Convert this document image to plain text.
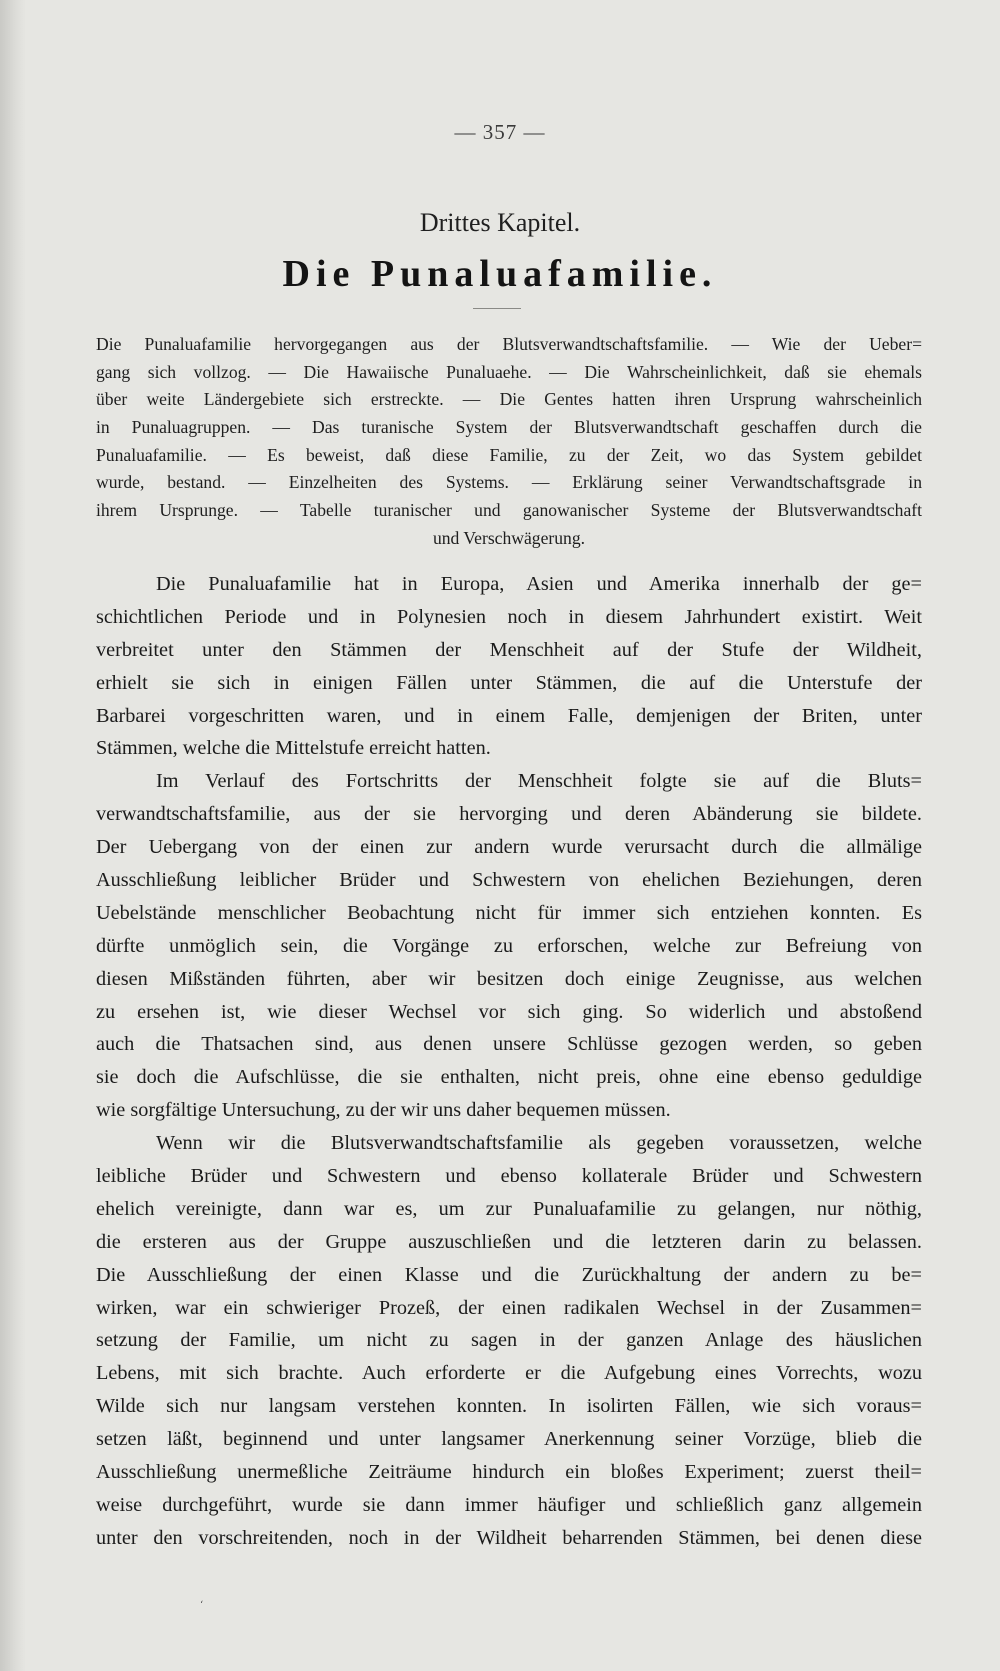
— 357 —
Drittes Kapitel.
Die Punaluafamilie.
Die Punaluafamilie hervorgegangen aus der Blutsverwandtschaftsfamilie. — Wie der Ueber=
gang sich vollzog. — Die Hawaiische Punaluaehe. — Die Wahrscheinlichkeit, daß sie ehemals
über weite Ländergebiete sich erstreckte. — Die Gentes hatten ihren Ursprung wahrscheinlich
in Punaluagruppen. — Das turanische System der Blutsverwandtschaft geschaffen durch die
Punaluafamilie. — Es beweist, daß diese Familie, zu der Zeit, wo das System gebildet
wurde, bestand. — Einzelheiten des Systems. — Erklärung seiner Verwandtschaftsgrade in
ihrem Ursprunge. — Tabelle turanischer und ganowanischer Systeme der Blutsverwandtschaft
und Verschwägerung.
Die Punaluafamilie hat in Europa, Asien und Amerika innerhalb der ge=
schichtlichen Periode und in Polynesien noch in diesem Jahrhundert existirt. Weit
verbreitet unter den Stämmen der Menschheit auf der Stufe der Wildheit,
erhielt sie sich in einigen Fällen unter Stämmen, die auf die Unterstufe der
Barbarei vorgeschritten waren, und in einem Falle, demjenigen der Briten, unter
Stämmen, welche die Mittelstufe erreicht hatten.
Im Verlauf des Fortschritts der Menschheit folgte sie auf die Bluts=
verwandtschaftsfamilie, aus der sie hervorging und deren Abänderung sie bildete.
Der Uebergang von der einen zur andern wurde verursacht durch die allmälige
Ausschließung leiblicher Brüder und Schwestern von ehelichen Beziehungen, deren
Uebelstände menschlicher Beobachtung nicht für immer sich entziehen konnten. Es
dürfte unmöglich sein, die Vorgänge zu erforschen, welche zur Befreiung von
diesen Mißständen führten, aber wir besitzen doch einige Zeugnisse, aus welchen
zu ersehen ist, wie dieser Wechsel vor sich ging. So widerlich und abstoßend
auch die Thatsachen sind, aus denen unsere Schlüsse gezogen werden, so geben
sie doch die Aufschlüsse, die sie enthalten, nicht preis, ohne eine ebenso geduldige
wie sorgfältige Untersuchung, zu der wir uns daher bequemen müssen.
Wenn wir die Blutsverwandtschaftsfamilie als gegeben voraussetzen, welche
leibliche Brüder und Schwestern und ebenso kollaterale Brüder und Schwestern
ehelich vereinigte, dann war es, um zur Punaluafamilie zu gelangen, nur nöthig,
die ersteren aus der Gruppe auszuschließen und die letzteren darin zu belassen.
Die Ausschließung der einen Klasse und die Zurückhaltung der andern zu be=
wirken, war ein schwieriger Prozeß, der einen radikalen Wechsel in der Zusammen=
setzung der Familie, um nicht zu sagen in der ganzen Anlage des häuslichen
Lebens, mit sich brachte. Auch erforderte er die Aufgebung eines Vorrechts, wozu
Wilde sich nur langsam verstehen konnten. In isolirten Fällen, wie sich voraus=
setzen läßt, beginnend und unter langsamer Anerkennung seiner Vorzüge, blieb die
Ausschließung unermeßliche Zeiträume hindurch ein bloßes Experiment; zuerst theil=
weise durchgeführt, wurde sie dann immer häufiger und schließlich ganz allgemein
unter den vorschreitenden, noch in der Wildheit beharrenden Stämmen, bei denen diese
‘
